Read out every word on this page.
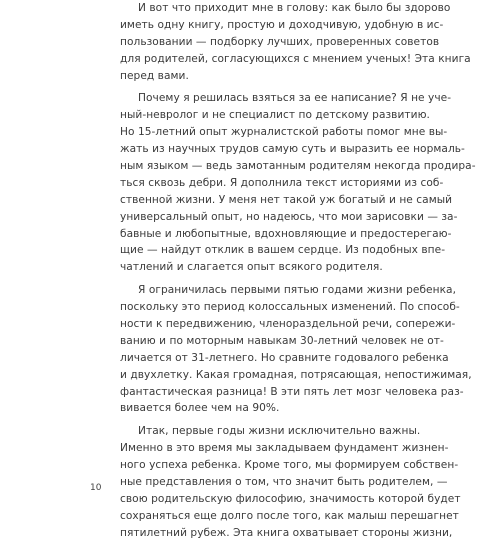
И вот что приходит мне в голову: как было бы здорово
иметь одну книгу, простую и доходчивую, удобную в ис-
пользовании — подборку лучших, проверенных советов
для родителей, согласующихся с мнением ученых! Эта книга
перед вами.
Почему я решилась взяться за ее написание? Я не уче-
ный-невролог и не специалист по детскому развитию.
Но 15-летний опыт журналистской работы помог мне вы-
жать из научных трудов самую суть и выразить ее нормаль-
ным языком — ведь замотанным родителям некогда продира-
ться сквозь дебри. Я дополнила текст историями из соб-
ственной жизни. У меня нет такой уж богатый и не самый
универсальный опыт, но надеюсь, что мои зарисовки — за-
бавные и любопытные, вдохновляющие и предостерегаю-
щие — найдут отклик в вашем сердце. Из подобных впе-
чатлений и слагается опыт всякого родителя.
Я ограничилась первыми пятью годами жизни ребенка,
поскольку это период колоссальных изменений. По способ-
ности к передвижению, членораздельной речи, сопережи-
ванию и по моторным навыкам 30-летний человек не от-
личается от 31-летнего. Но сравните годовалого ребенка
и двухлетку. Какая громадная, потрясающая, непостижимая,
фантастическая разница! В эти пять лет мозг человека раз-
вивается более чем на 90%.
Итак, первые годы жизни исключительно важны.
Именно в это время мы закладываем фундамент жизнен-
ного успеха ребенка. Кроме того, мы формируем собствен-
ные представления о том, что значит быть родителем, —
свою родительскую философию, значимость которой будет
сохраняться еще долго после того, как малыш перешагнет
пятилетний рубеж. Эта книга охватывает стороны жизни,
10
